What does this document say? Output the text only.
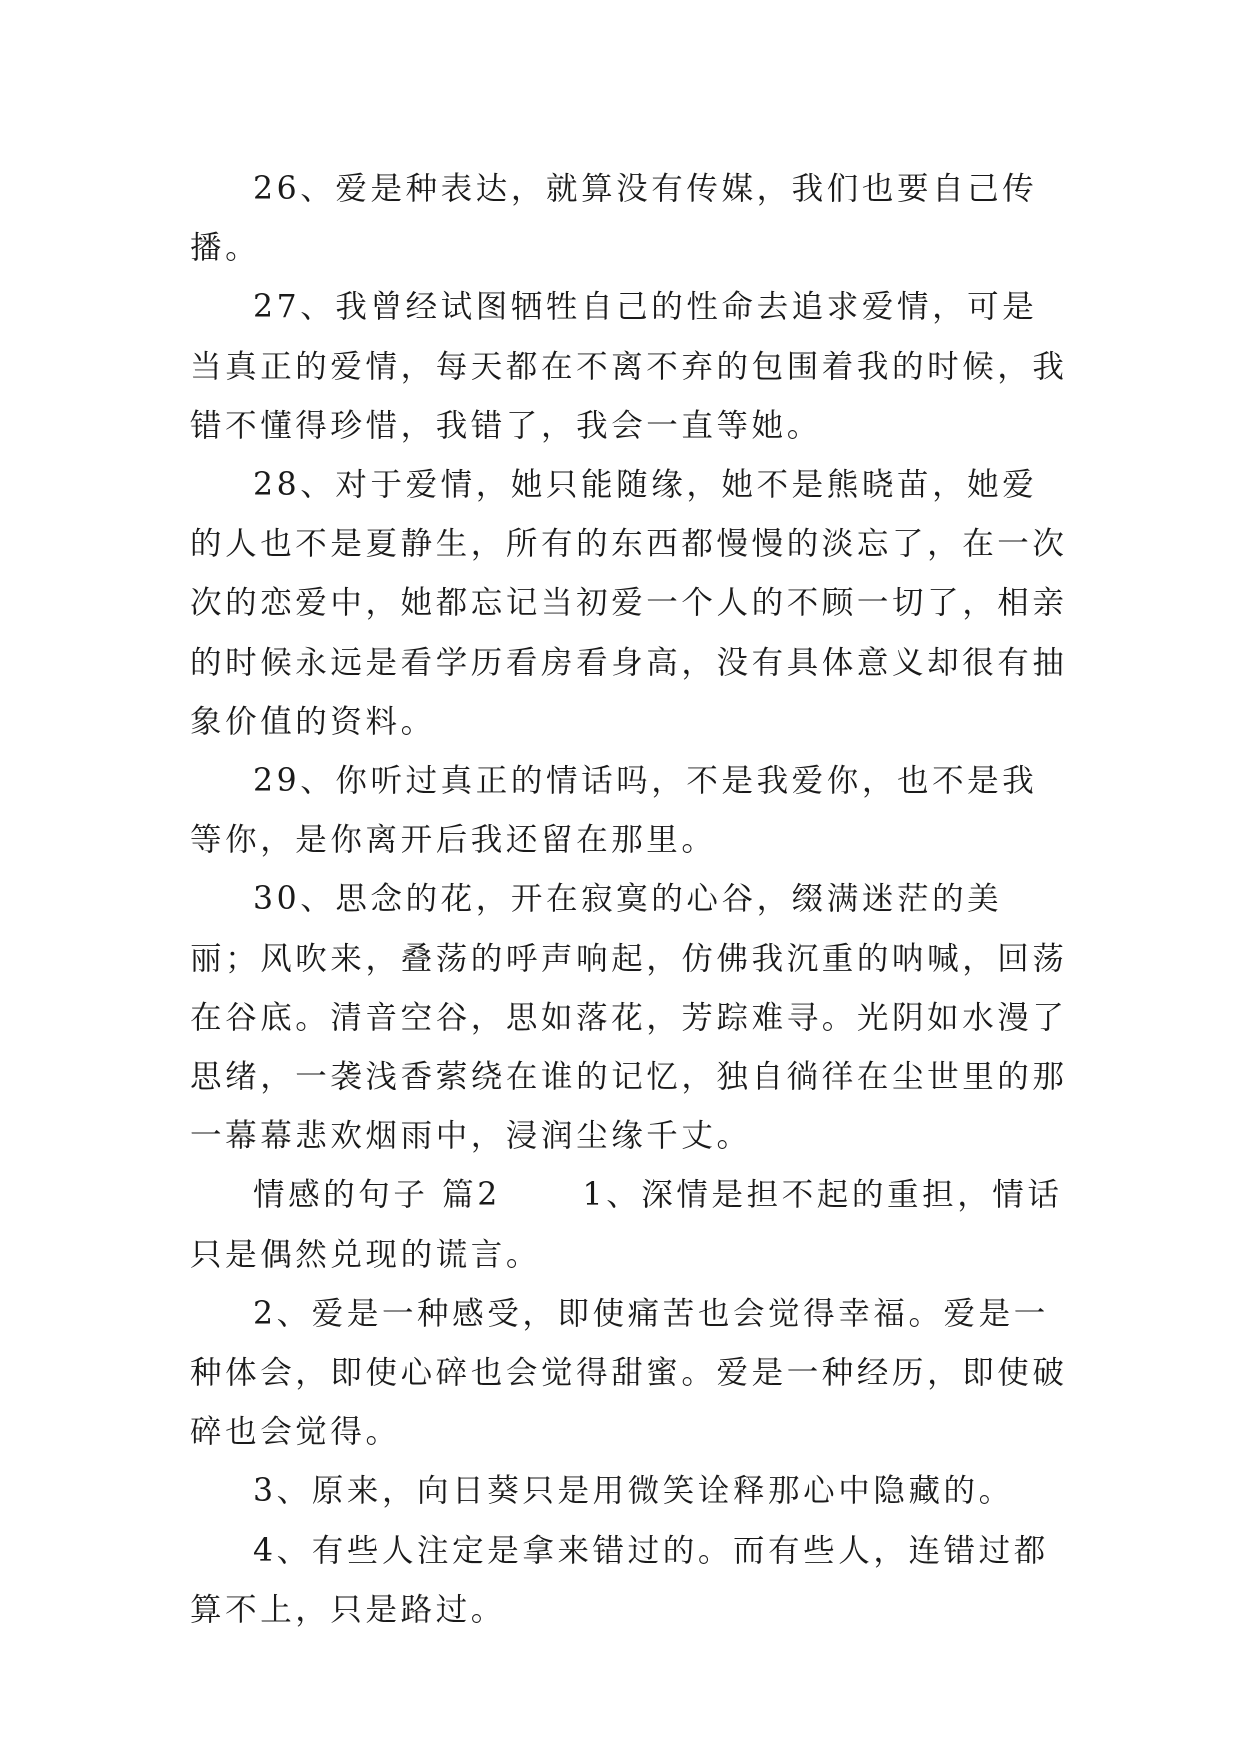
26、爱是种表达，就算没有传媒，我们也要自己传播。

27、我曾经试图牺牲自己的性命去追求爱情，可是当真正的爱情，每天都在不离不弃的包围着我的时候，我错不懂得珍惜，我错了，我会一直等她。

28、对于爱情，她只能随缘，她不是熊晓苗，她爱的人也不是夏静生，所有的东西都慢慢的淡忘了，在一次次的恋爱中，她都忘记当初爱一个人的不顾一切了，相亲的时候永远是看学历看房看身高，没有具体意义却很有抽象价值的资料。

29、你听过真正的情话吗，不是我爱你，也不是我等你，是你离开后我还留在那里。

30、思念的花，开在寂寞的心谷，缀满迷茫的美丽；风吹来，叠荡的呼声响起，仿佛我沉重的呐喊，回荡在谷底。清音空谷，思如落花，芳踪难寻。光阴如水漫了思绪，一袭浅香萦绕在谁的记忆，独自徜徉在尘世里的那一幕幕悲欢烟雨中，浸润尘缘千丈。

情感的句子 篇2	1、深情是担不起的重担，情话只是偶然兑现的谎言。

2、爱是一种感受，即使痛苦也会觉得幸福。爱是一种体会，即使心碎也会觉得甜蜜。爱是一种经历，即使破碎也会觉得。

3、原来，向日葵只是用微笑诠释那心中隐藏的。

4、有些人注定是拿来错过的。而有些人，连错过都算不上，只是路过。
